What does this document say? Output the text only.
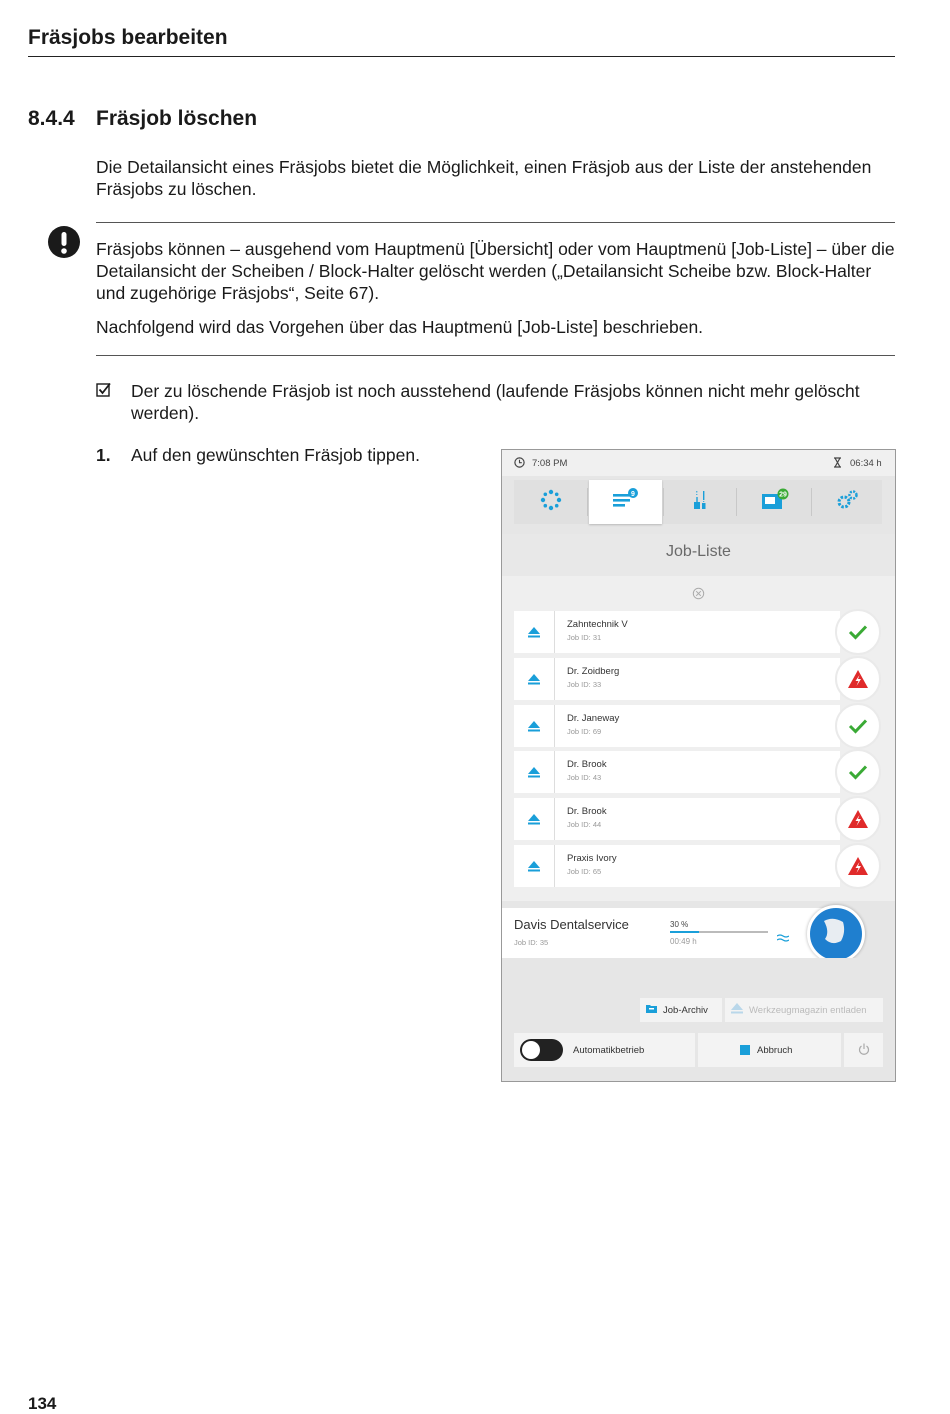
Fräsjobs bearbeiten
8.4.4 Fräsjob löschen
Die Detailansicht eines Fräsjobs bietet die Möglichkeit, einen Fräsjob aus der Liste der anstehenden Fräsjobs zu löschen.
Fräsjobs können – ausgehend vom Hauptmenü [Übersicht] oder vom Hauptmenü [Job-Liste] – über die Detailansicht der Scheiben / Block-Halter gelöscht werden („Detailansicht Scheibe bzw. Block-Halter und zugehörige Fräsjobs“, Seite 67).
Nachfolgend wird das Vorgehen über das Hauptmenü [Job-Liste] beschrieben.
Der zu löschende Fräsjob ist noch ausstehend (laufende Fräsjobs können nicht mehr gelöscht werden).
1. Auf den gewünschten Fräsjob tippen.	7:08 PM	06:34 h
9	29
Job-Liste
Davis Dentalservice
Job ID: 35
30 %
00:49 h
Job-Archiv	Werkzeugmagazin entladen
Automatikbetrieb	Abbruch
Zahntechnik V
Job ID: 31
Dr. Zoidberg
Job ID: 33
Dr. Janeway
Job ID: 69
Dr. Brook
Job ID: 43
Dr. Brook
Job ID: 44
Praxis Ivory
Job ID: 65
134
